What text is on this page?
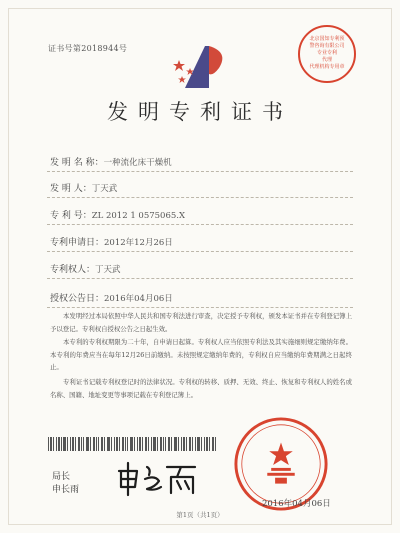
证书号第2018944号
北京国知专利预
警咨询有限公司
专业专利
代理
代理机构专用章
发明专利证书
发 明 名 称：一种流化床干燥机
发 明 人：丁天武
专 利 号：ZL 2012 1 0575065.X
专利申请日：2012年12月26日
专利权人：丁天武
授权公告日：2016年04月06日
本发明经过本局依照中华人民共和国专利法进行审查，决定授予专利权，颁发本证书并在专利登记簿上予以登记。专利权自授权公告之日起生效。
本专利的专利权期限为二十年，自申请日起算。专利权人应当依照专利法及其实施细则规定缴纳年费。本专利的年费应当在每年12月26日前缴纳。未按照规定缴纳年费的，专利权自应当缴纳年费期满之日起终止。
专利证书记载专利权登记时的法律状况。专利权的转移、质押、无效、终止、恢复和专利权人的姓名或名称、国籍、地址变更等事项记载在专利登记簿上。
局长
申长雨
2016年04月06日
第1页（共1页）
